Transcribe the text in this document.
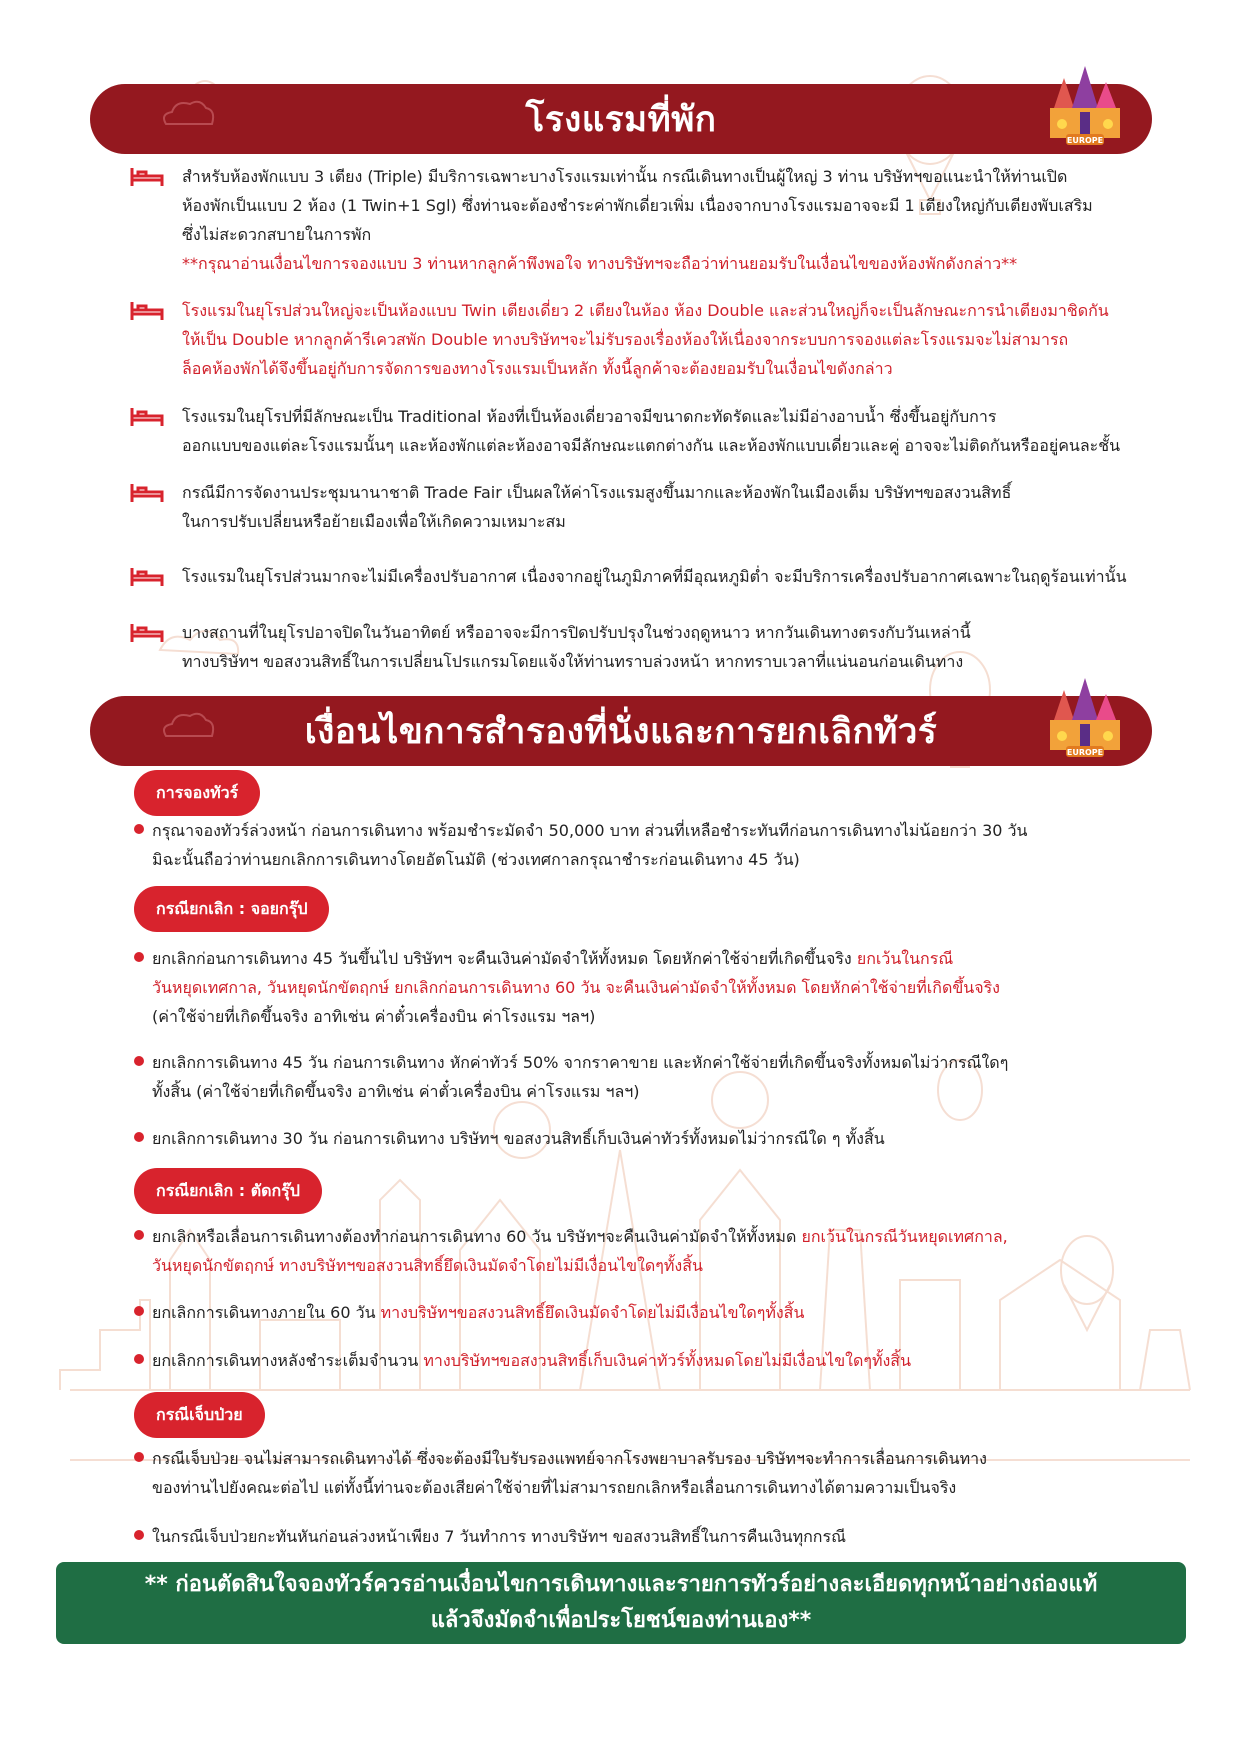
โรงแรมที่พัก
EUROPE
สำหรับห้องพักแบบ 3 เตียง (Triple) มีบริการเฉพาะบางโรงแรมเท่านั้น กรณีเดินทางเป็นผู้ใหญ่ 3 ท่าน บริษัทฯขอแนะนำให้ท่านเปิด
ห้องพักเป็นแบบ 2 ห้อง (1 Twin+1 Sgl) ซึ่งท่านจะต้องชำระค่าพักเดี่ยวเพิ่ม เนื่องจากบางโรงแรมอาจจะมี 1 เตียงใหญ่กับเตียงพับเสริม
ซึ่งไม่สะดวกสบายในการพัก
**กรุณาอ่านเงื่อนไขการจองแบบ 3 ท่านหากลูกค้าพึงพอใจ ทางบริษัทฯจะถือว่าท่านยอมรับในเงื่อนไขของห้องพักดังกล่าว**
โรงแรมในยุโรปส่วนใหญ่จะเป็นห้องแบบ Twin เตียงเดี่ยว 2 เตียงในห้อง ห้อง Double และส่วนใหญ่ก็จะเป็นลักษณะการนำเตียงมาชิดกัน
ให้เป็น Double หากลูกค้ารีเควสพัก Double ทางบริษัทฯจะไม่รับรองเรื่องห้องให้เนื่องจากระบบการจองแต่ละโรงแรมจะไม่สามารถ
ล็อคห้องพักได้จึงขึ้นอยู่กับการจัดการของทางโรงแรมเป็นหลัก ทั้งนี้ลูกค้าจะต้องยอมรับในเงื่อนไขดังกล่าว
โรงแรมในยุโรปที่มีลักษณะเป็น Traditional ห้องที่เป็นห้องเดี่ยวอาจมีขนาดกะทัดรัดและไม่มีอ่างอาบน้ำ ซึ่งขึ้นอยู่กับการ
ออกแบบของแต่ละโรงแรมนั้นๆ และห้องพักแต่ละห้องอาจมีลักษณะแตกต่างกัน และห้องพักแบบเดี่ยวและคู่ อาจจะไม่ติดกันหรืออยู่คนละชั้น
กรณีมีการจัดงานประชุมนานาชาติ Trade Fair เป็นผลให้ค่าโรงแรมสูงขึ้นมากและห้องพักในเมืองเต็ม บริษัทฯขอสงวนสิทธิ์
ในการปรับเปลี่ยนหรือย้ายเมืองเพื่อให้เกิดความเหมาะสม
โรงแรมในยุโรปส่วนมากจะไม่มีเครื่องปรับอากาศ เนื่องจากอยู่ในภูมิภาคที่มีอุณหภูมิต่ำ จะมีบริการเครื่องปรับอากาศเฉพาะในฤดูร้อนเท่านั้น
บางสถานที่ในยุโรปอาจปิดในวันอาทิตย์ หรืออาจจะมีการปิดปรับปรุงในช่วงฤดูหนาว หากวันเดินทางตรงกับวันเหล่านี้
ทางบริษัทฯ ขอสงวนสิทธิ์ในการเปลี่ยนโปรแกรมโดยแจ้งให้ท่านทราบล่วงหน้า หากทราบเวลาที่แน่นอนก่อนเดินทาง
เงื่อนไขการสำรองที่นั่งและการยกเลิกทัวร์
EUROPE
การจองทัวร์
กรุณาจองทัวร์ล่วงหน้า ก่อนการเดินทาง พร้อมชำระมัดจำ 50,000 บาท ส่วนที่เหลือชำระทันทีก่อนการเดินทางไม่น้อยกว่า 30 วัน
มิฉะนั้นถือว่าท่านยกเลิกการเดินทางโดยอัตโนมัติ (ช่วงเทศกาลกรุณาชำระก่อนเดินทาง 45 วัน)
กรณียกเลิก : จอยกรุ๊ป
ยกเลิกก่อนการเดินทาง 45 วันขึ้นไป บริษัทฯ จะคืนเงินค่ามัดจำให้ทั้งหมด โดยหักค่าใช้จ่ายที่เกิดขึ้นจริง ยกเว้นในกรณี
วันหยุดเทศกาล, วันหยุดนักขัตฤกษ์ ยกเลิกก่อนการเดินทาง 60 วัน จะคืนเงินค่ามัดจำให้ทั้งหมด โดยหักค่าใช้จ่ายที่เกิดขึ้นจริง
(ค่าใช้จ่ายที่เกิดขึ้นจริง อาทิเช่น ค่าตั๋วเครื่องบิน ค่าโรงแรม ฯลฯ)
ยกเลิกการเดินทาง 45 วัน ก่อนการเดินทาง หักค่าทัวร์ 50% จากราคาขาย และหักค่าใช้จ่ายที่เกิดขึ้นจริงทั้งหมดไม่ว่ากรณีใดๆ
ทั้งสิ้น (ค่าใช้จ่ายที่เกิดขึ้นจริง อาทิเช่น ค่าตั๋วเครื่องบิน ค่าโรงแรม ฯลฯ)
ยกเลิกการเดินทาง 30 วัน ก่อนการเดินทาง บริษัทฯ ขอสงวนสิทธิ์เก็บเงินค่าทัวร์ทั้งหมดไม่ว่ากรณีใด ๆ ทั้งสิ้น
กรณียกเลิก : ตัดกรุ๊ป
ยกเลิกหรือเลื่อนการเดินทางต้องทำก่อนการเดินทาง 60 วัน บริษัทฯจะคืนเงินค่ามัดจำให้ทั้งหมด ยกเว้นในกรณีวันหยุดเทศกาล,
วันหยุดนักขัตฤกษ์ ทางบริษัทฯขอสงวนสิทธิ์ยึดเงินมัดจำโดยไม่มีเงื่อนไขใดๆทั้งสิ้น
ยกเลิกการเดินทางภายใน 60 วัน ทางบริษัทฯขอสงวนสิทธิ์ยึดเงินมัดจำโดยไม่มีเงื่อนไขใดๆทั้งสิ้น
ยกเลิกการเดินทางหลังชำระเต็มจำนวน ทางบริษัทฯขอสงวนสิทธิ์เก็บเงินค่าทัวร์ทั้งหมดโดยไม่มีเงื่อนไขใดๆทั้งสิ้น
กรณีเจ็บป่วย
กรณีเจ็บป่วย จนไม่สามารถเดินทางได้ ซึ่งจะต้องมีใบรับรองแพทย์จากโรงพยาบาลรับรอง บริษัทฯจะทำการเลื่อนการเดินทาง
ของท่านไปยังคณะต่อไป แต่ทั้งนี้ท่านจะต้องเสียค่าใช้จ่ายที่ไม่สามารถยกเลิกหรือเลื่อนการเดินทางได้ตามความเป็นจริง
ในกรณีเจ็บป่วยกะทันหันก่อนล่วงหน้าเพียง 7 วันทำการ ทางบริษัทฯ ขอสงวนสิทธิ์ในการคืนเงินทุกกรณี
** ก่อนตัดสินใจจองทัวร์ควรอ่านเงื่อนไขการเดินทางและรายการทัวร์อย่างละเอียดทุกหน้าอย่างถ่องแท้
แล้วจึงมัดจำเพื่อประโยชน์ของท่านเอง**
